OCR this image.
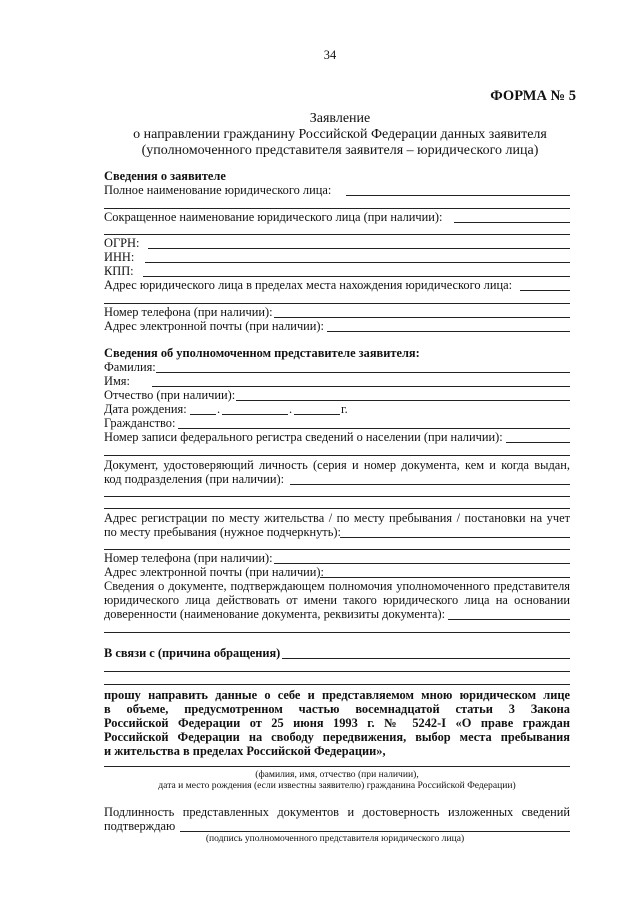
34
ФОРМА № 5
Заявление
о направлении гражданину Российской Федерации данных заявителя
(уполномоченного представителя заявителя – юридического лица)
Сведения о заявителе
Полное наименование юридического лица:
Сокращенное наименование юридического лица (при наличии):
ОГРН:
ИНН:
КПП:
Адрес юридического лица в пределах места нахождения юридического лица:
Номер телефона (при наличии):
Адрес электронной почты (при наличии):
Сведения об уполномоченном представителе заявителя:
Фамилия:
Имя:
Отчество (при наличии):
Дата рождения: .	.	г.
Гражданство:
Номер записи федерального регистра сведений о населении (при наличии):
Документ, удостоверяющий личность (серия и номер документа, кем и когда выдан,
код подразделения (при наличии):
Адрес регистрации по месту жительства / по месту пребывания / постановки на учет
по месту пребывания (нужное подчеркнуть):
Номер телефона (при наличии):
Адрес электронной почты (при наличии):
Сведения о документе, подтверждающем полномочия уполномоченного представителя
юридического лица действовать от имени такого юридического лица на основании
доверенности (наименование документа, реквизиты документа):
В связи с (причина обращения)
прошу направить данные о себе и представляемом мною юридическом лице
в объеме, предусмотренном частью восемнадцатой статьи 3 Закона
Российской Федерации от 25 июня 1993 г. № 5242-I «О праве граждан
Российской Федерации на свободу передвижения, выбор места пребывания
и жительства в пределах Российской Федерации»,
(фамилия, имя, отчество (при наличии),
дата и место рождения (если известны заявителю) гражданина Российской Федерации)
Подлинность представленных документов и достоверность изложенных сведений
подтверждаю
(подпись уполномоченного представителя юридического лица)
